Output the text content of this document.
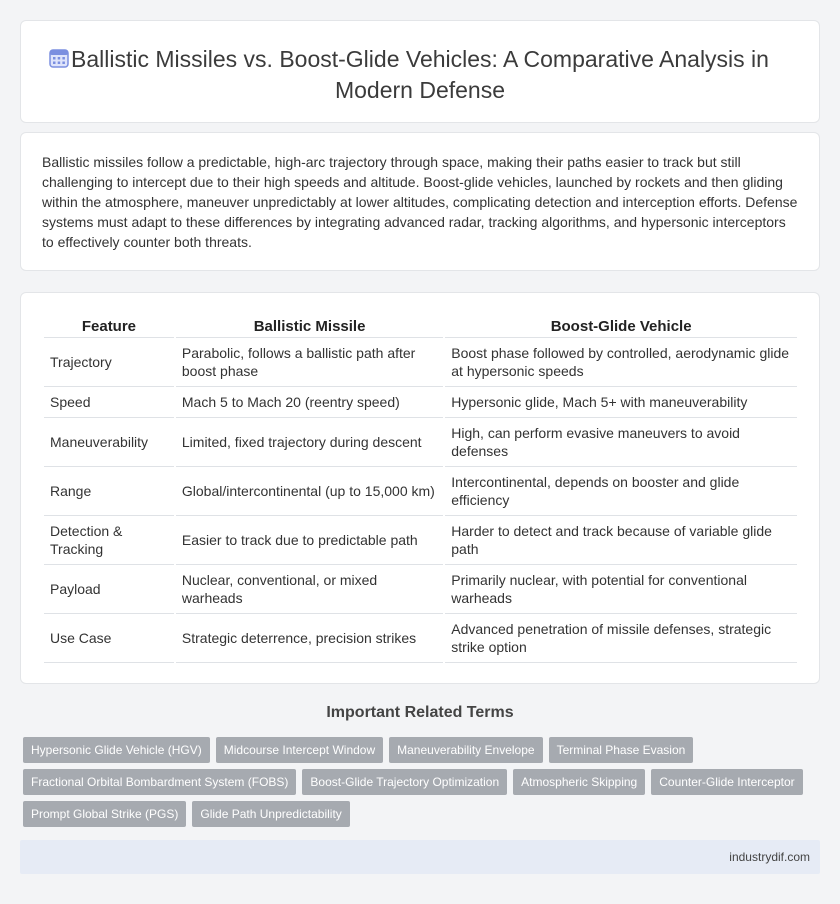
Ballistic Missiles vs. Boost-Glide Vehicles: A Comparative Analysis in Modern Defense

Ballistic missiles follow a predictable, high-arc trajectory through space, making their paths easier to track but still challenging to intercept due to their high speeds and altitude. Boost-glide vehicles, launched by rockets and then gliding within the atmosphere, maneuver unpredictably at lower altitudes, complicating detection and interception efforts. Defense systems must adapt to these differences by integrating advanced radar, tracking algorithms, and hypersonic interceptors to effectively counter both threats.

Feature	Ballistic Missile	Boost-Glide Vehicle
Trajectory	Parabolic, follows a ballistic path after boost phase	Boost phase followed by controlled, aerodynamic glide at hypersonic speeds
Speed	Mach 5 to Mach 20 (reentry speed)	Hypersonic glide, Mach 5+ with maneuverability
Maneuverability	Limited, fixed trajectory during descent	High, can perform evasive maneuvers to avoid defenses
Range	Global/intercontinental (up to 15,000 km)	Intercontinental, depends on booster and glide efficiency
Detection & Tracking	Easier to track due to predictable path	Harder to detect and track because of variable glide path
Payload	Nuclear, conventional, or mixed warheads	Primarily nuclear, with potential for conventional warheads
Use Case	Strategic deterrence, precision strikes	Advanced penetration of missile defenses, strategic strike option
Important Related Terms
Hypersonic Glide Vehicle (HGV)	Midcourse Intercept Window	Maneuverability Envelope	Terminal Phase Evasion
Fractional Orbital Bombardment System (FOBS)	Boost-Glide Trajectory Optimization	Atmospheric Skipping	Counter-Glide Interceptor
Prompt Global Strike (PGS)	Glide Path Unpredictability
industrydif.com
